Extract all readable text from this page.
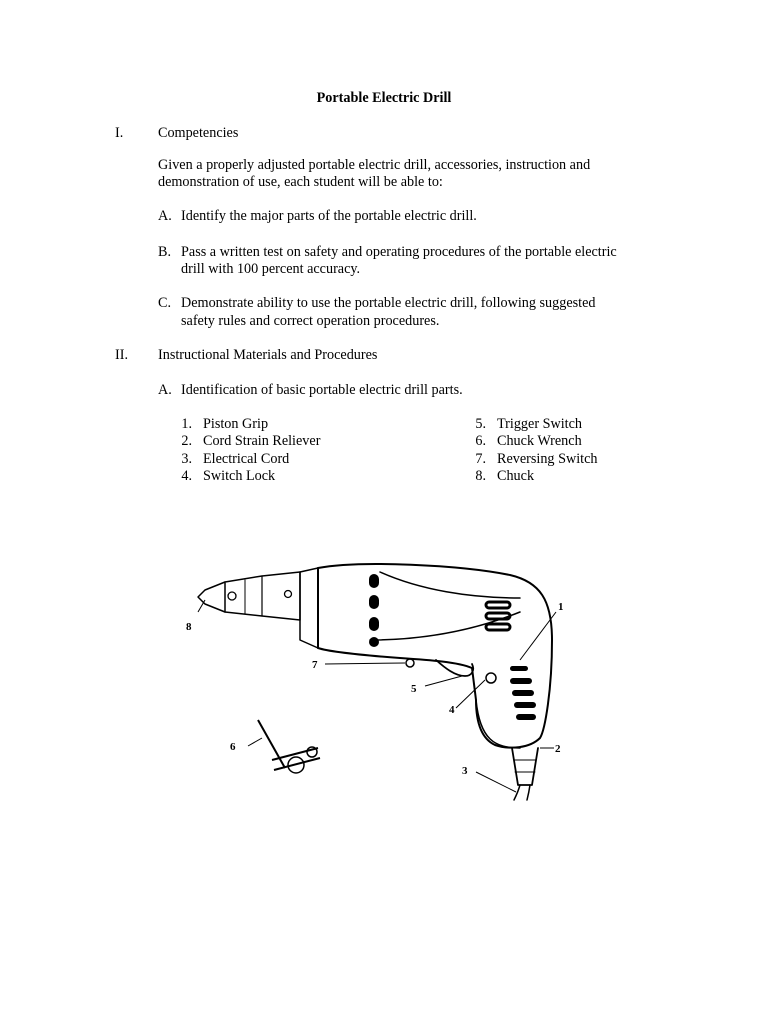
Portable Electric Drill
I. Competencies
Given a properly adjusted portable electric drill, accessories, instruction and
demonstration of use, each student will be able to:
A. Identify the major parts of the portable electric drill.
B. Pass a written test on safety and operating procedures of the portable electric
drill with 100 percent accuracy.
C. Demonstrate ability to use the portable electric drill, following suggested
safety rules and correct operation procedures.
II. Instructional Materials and Procedures
A. Identification of basic portable electric drill parts.
1. Piston Grip
2. Cord Strain Reliever
3. Electrical Cord
4. Switch Lock
5. Trigger Switch
6. Chuck Wrench
7. Reversing Switch
8. Chuck
8
1
2
3
4
5
7
6
